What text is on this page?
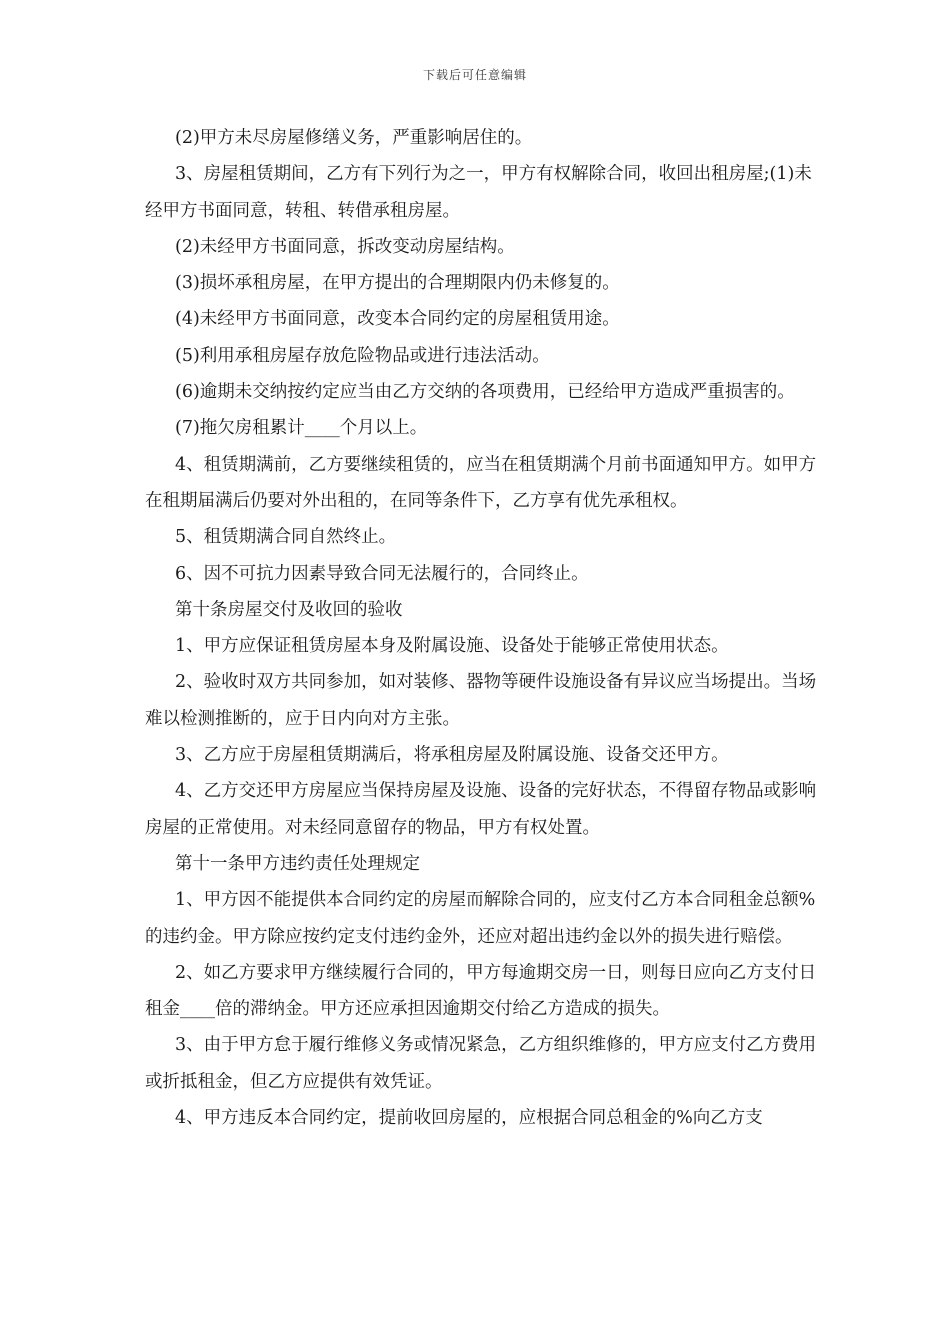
下载后可任意编辑

(2)甲方未尽房屋修缮义务，严重影响居住的。

3、房屋租赁期间，乙方有下列行为之一，甲方有权解除合同，收回出租房屋;(1)未经甲方书面同意，转租、转借承租房屋。

(2)未经甲方书面同意，拆改变动房屋结构。

(3)损坏承租房屋，在甲方提出的合理期限内仍未修复的。

(4)未经甲方书面同意，改变本合同约定的房屋租赁用途。

(5)利用承租房屋存放危险物品或进行违法活动。

(6)逾期未交纳按约定应当由乙方交纳的各项费用，已经给甲方造成严重损害的。

(7)拖欠房租累计____个月以上。

4、租赁期满前，乙方要继续租赁的，应当在租赁期满个月前书面通知甲方。如甲方在租期届满后仍要对外出租的，在同等条件下，乙方享有优先承租权。

5、租赁期满合同自然终止。

6、因不可抗力因素导致合同无法履行的，合同终止。

第十条房屋交付及收回的验收

1、甲方应保证租赁房屋本身及附属设施、设备处于能够正常使用状态。

2、验收时双方共同参加，如对装修、器物等硬件设施设备有异议应当场提出。当场难以检测推断的，应于日内向对方主张。

3、乙方应于房屋租赁期满后，将承租房屋及附属设施、设备交还甲方。

4、乙方交还甲方房屋应当保持房屋及设施、设备的完好状态，不得留存物品或影响房屋的正常使用。对未经同意留存的物品，甲方有权处置。

第十一条甲方违约责任处理规定

1、甲方因不能提供本合同约定的房屋而解除合同的，应支付乙方本合同租金总额%的违约金。甲方除应按约定支付违约金外，还应对超出违约金以外的损失进行赔偿。

2、如乙方要求甲方继续履行合同的，甲方每逾期交房一日，则每日应向乙方支付日租金____倍的滞纳金。甲方还应承担因逾期交付给乙方造成的损失。

3、由于甲方怠于履行维修义务或情况紧急，乙方组织维修的，甲方应支付乙方费用或折抵租金，但乙方应提供有效凭证。

4、甲方违反本合同约定，提前收回房屋的，应根据合同总租金的%向乙方支
